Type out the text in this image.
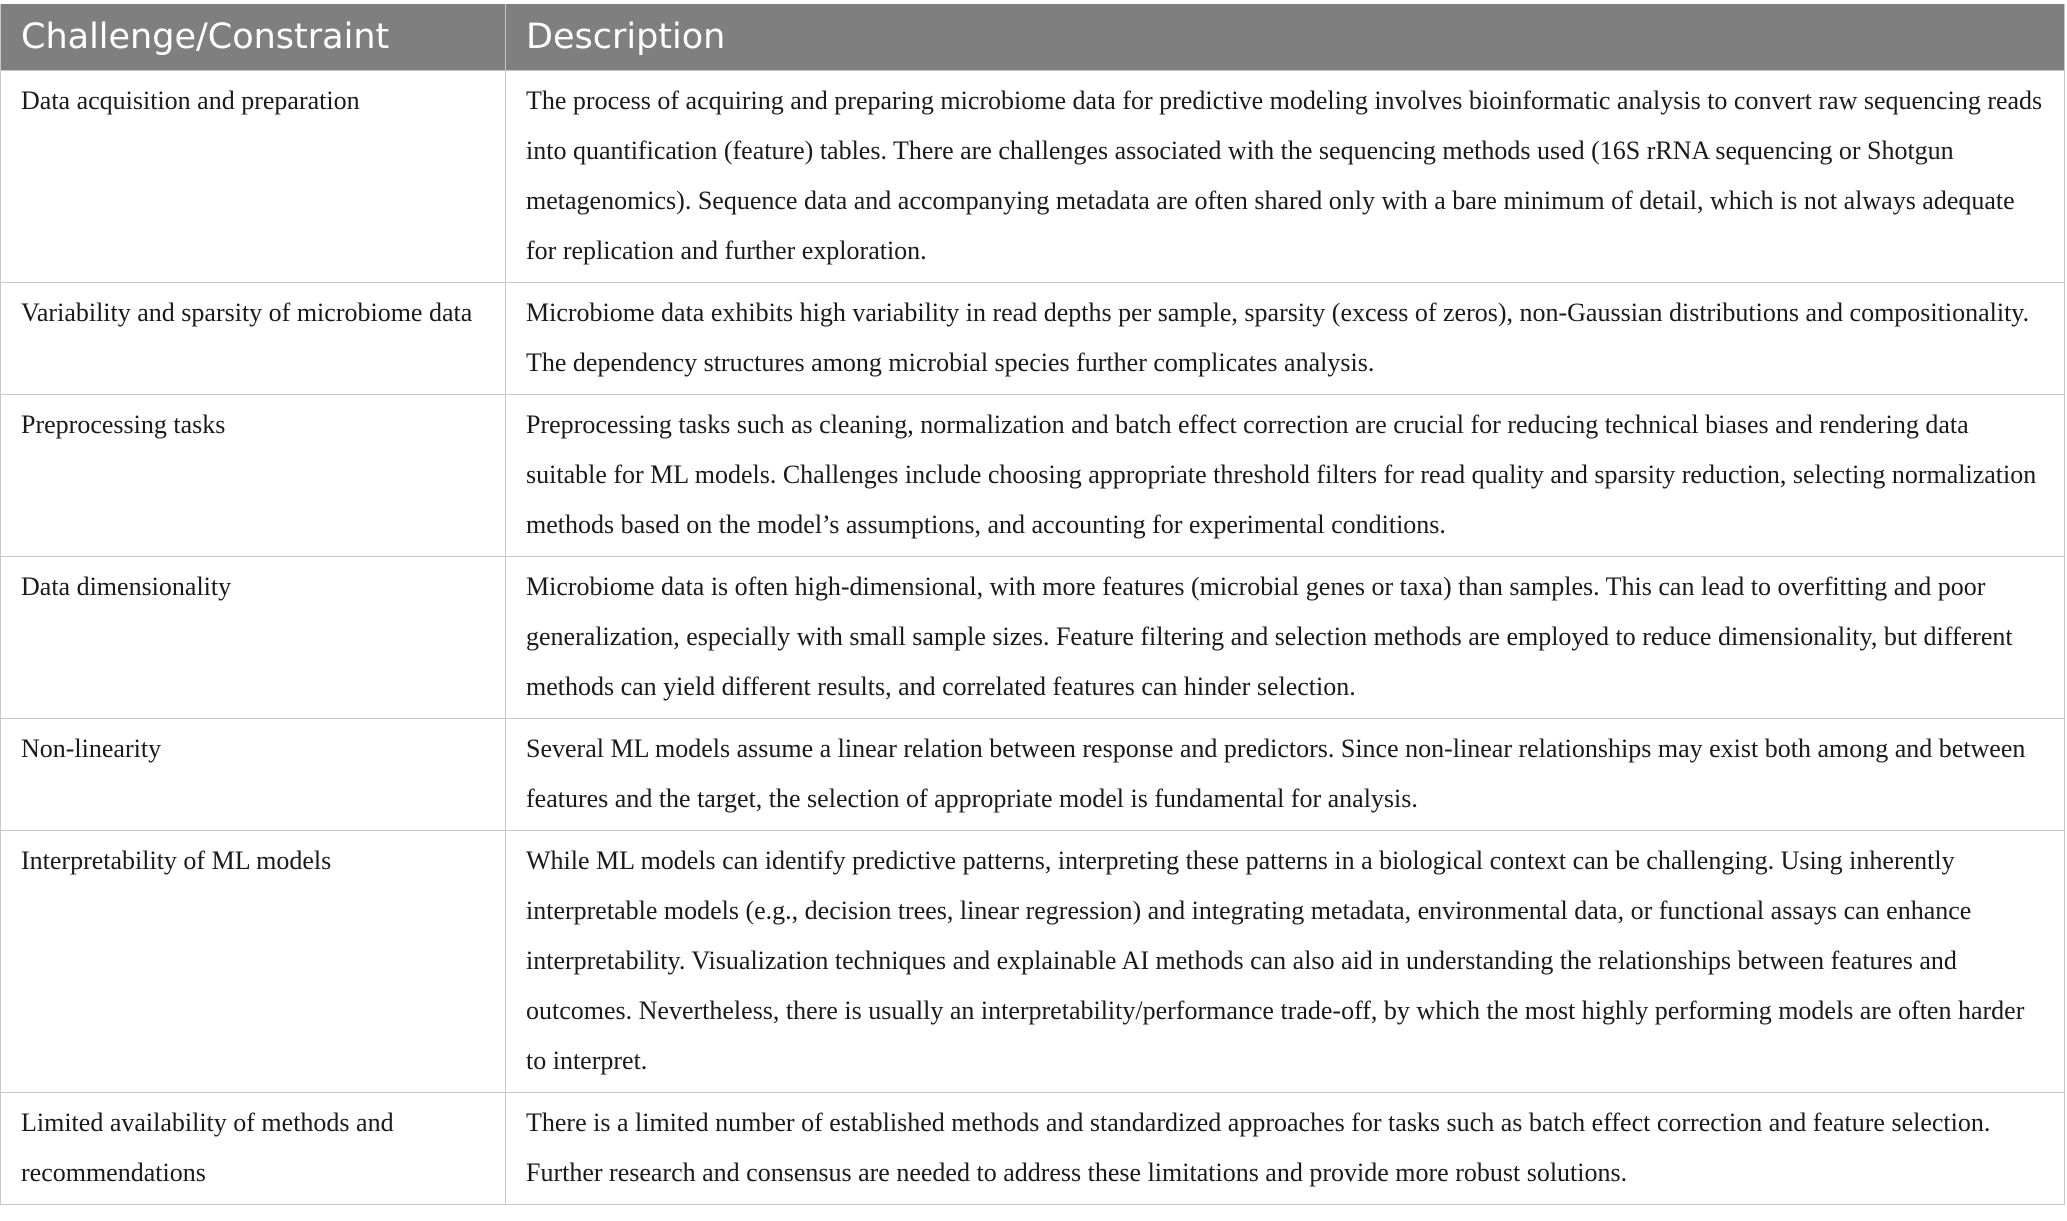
Challenge/Constraint	Description
Data acquisition and preparation	The process of acquiring and preparing microbiome data for predictive modeling involves bioinformatic analysis to convert raw sequencing reads into quantification (feature) tables. There are challenges associated with the sequencing methods used (16S rRNA sequencing or Shotgun metagenomics). Sequence data and accompanying metadata are often shared only with a bare minimum of detail, which is not always adequate for replication and further exploration.
Variability and sparsity of microbiome data	Microbiome data exhibits high variability in read depths per sample, sparsity (excess of zeros), non-Gaussian distributions and compositionality. The dependency structures among microbial species further complicates analysis.
Preprocessing tasks	Preprocessing tasks such as cleaning, normalization and batch effect correction are crucial for reducing technical biases and rendering data suitable for ML models. Challenges include choosing appropriate threshold filters for read quality and sparsity reduction, selecting normalization methods based on the model’s assumptions, and accounting for experimental conditions.
Data dimensionality	Microbiome data is often high-dimensional, with more features (microbial genes or taxa) than samples. This can lead to overfitting and poor generalization, especially with small sample sizes. Feature filtering and selection methods are employed to reduce dimensionality, but different methods can yield different results, and correlated features can hinder selection.
Non-linearity	Several ML models assume a linear relation between response and predictors. Since non-linear relationships may exist both among and between features and the target, the selection of appropriate model is fundamental for analysis.
Interpretability of ML models	While ML models can identify predictive patterns, interpreting these patterns in a biological context can be challenging. Using inherently interpretable models (e.g., decision trees, linear regression) and integrating metadata, environmental data, or functional assays can enhance interpretability. Visualization techniques and explainable AI methods can also aid in understanding the relationships between features and outcomes. Nevertheless, there is usually an interpretability/performance trade-off, by which the most highly performing models are often harder to interpret.
Limited availability of methods and recommendations	There is a limited number of established methods and standardized approaches for tasks such as batch effect correction and feature selection. Further research and consensus are needed to address these limitations and provide more robust solutions.
